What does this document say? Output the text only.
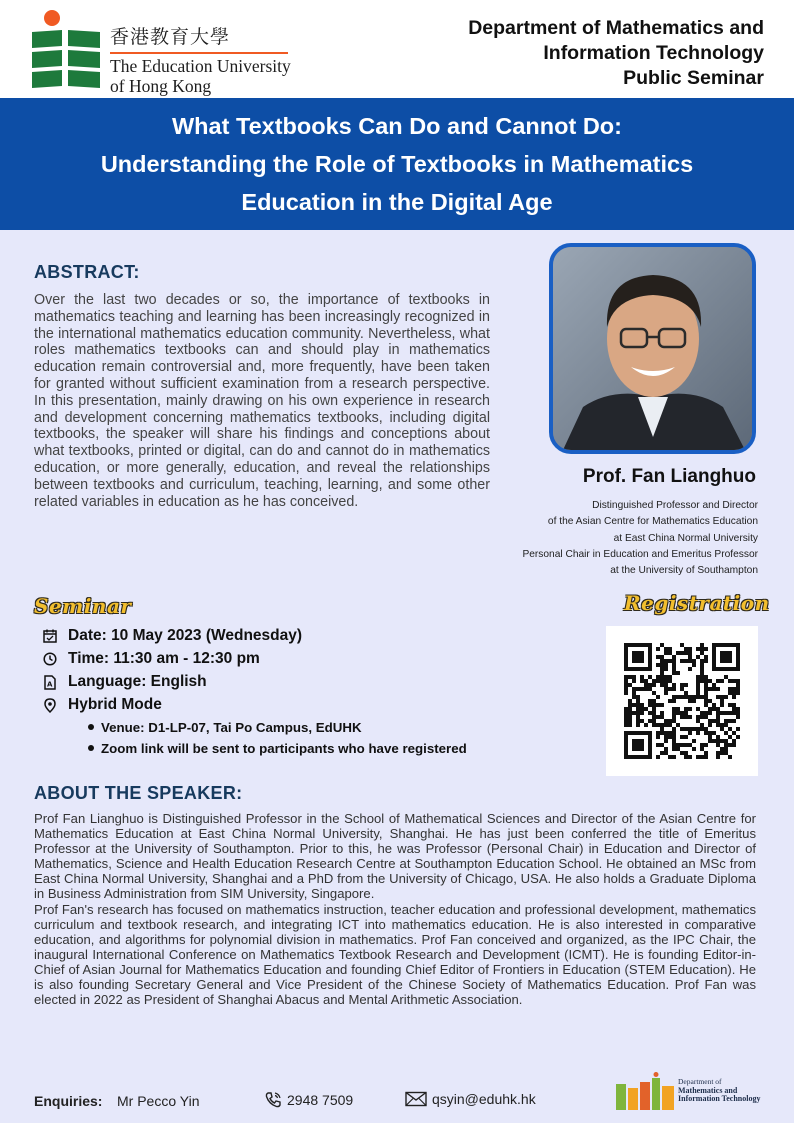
香港教育大學
The Education University
of Hong Kong
Department of Mathematics and
Information Technology
Public Seminar
What Textbooks Can Do and Cannot Do:
Understanding the Role of Textbooks in Mathematics
Education in the Digital Age
ABSTRACT:
Over the last two decades or so, the importance of textbooks in mathematics teaching and learning has been increasingly recognized in the international mathematics education community. Nevertheless, what roles mathematics textbooks can and should play in mathematics education remain controversial and, more frequently, have been taken for granted without sufficient examination from a research perspective. In this presentation, mainly drawing on his own experience in research and development concerning mathematics textbooks, including digital textbooks, the speaker will share his findings and conceptions about what textbooks, printed or digital, can do and cannot do in mathematics education, or more generally, education, and reveal the relationships between textbooks and curriculum, teaching, learning, and some other related variables in education as he has conceived.
Prof. Fan Lianghuo
Distinguished Professor and Director
of the Asian Centre for Mathematics Education
at East China Normal University
Personal Chair in Education and Emeritus Professor
at the University of Southampton
Seminar
Date: 10 May 2023 (Wednesday)
Time: 11:30 am - 12:30 pm
A Language: English
Hybrid Mode
Venue: D1-LP-07, Tai Po Campus, EdUHK
Zoom link will be sent to participants who have registered
Registration
ABOUT THE SPEAKER:

Prof Fan Lianghuo is Distinguished Professor in the School of Mathematical Sciences and Director of the Asian Centre for Mathematics Education at East China Normal University, Shanghai. He has just been conferred the title of Emeritus Professor at the University of Southampton. Prior to this, he was Professor (Personal Chair) in Education and Director of Mathematics, Science and Health Education Research Centre at Southampton Education School. He obtained an MSc from East China Normal University, Shanghai and a PhD from the University of Chicago, USA. He also holds a Graduate Diploma in Business Administration from SIM University, Singapore.

Prof Fan's research has focused on mathematics instruction, teacher education and professional development, mathematics curriculum and textbook research, and integrating ICT into mathematics education. He is also interested in comparative education, and algorithms for polynomial division in mathematics. Prof Fan conceived and organized, as the IPC Chair, the inaugural International Conference on Mathematics Textbook Research and Development (ICMT). He is founding Editor-in-Chief of Asian Journal for Mathematics Education and founding Chief Editor of Frontiers in Education (STEM Education). He is also founding Secretary General and Vice President of the Chinese Society of Mathematics Education. Prof Fan was elected in 2022 as President of Shanghai Abacus and Mental Arithmetic Association.

Enquiries: Mr Pecco Yin	2948 7509	qsyin@eduhk.hk
Department of
Mathematics and
Information Technology
